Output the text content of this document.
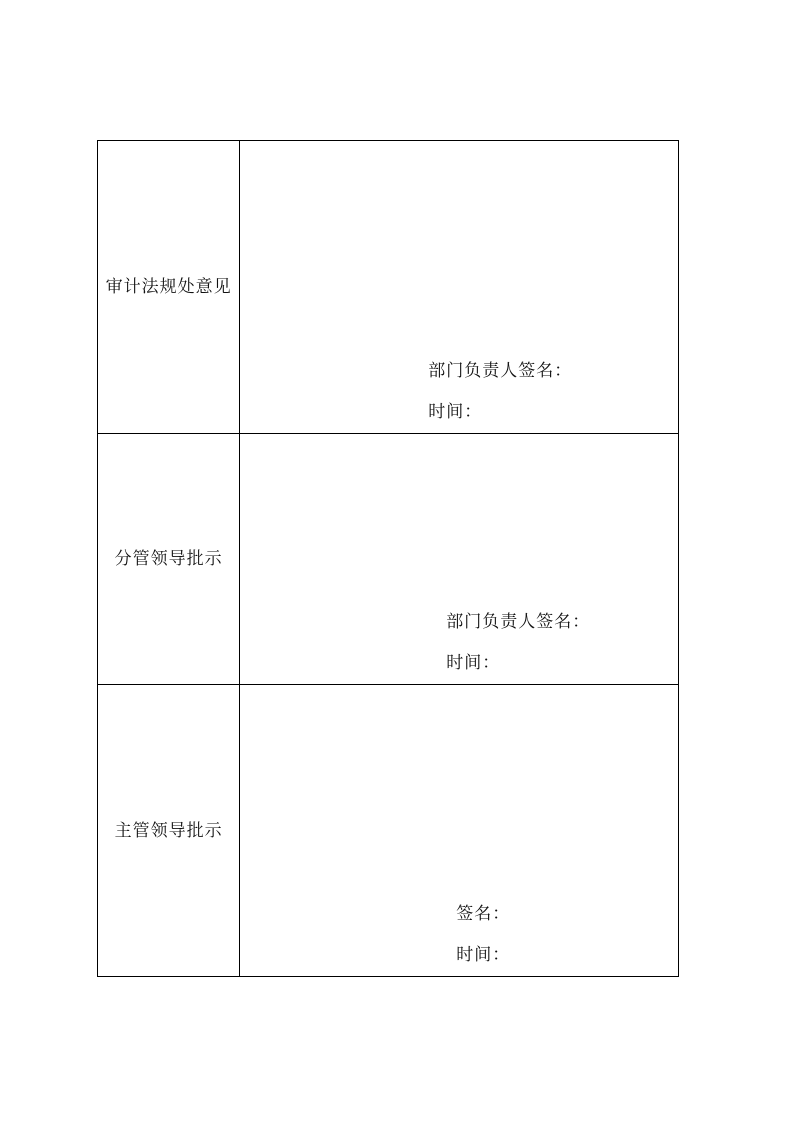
审计法规处意见	部门负责人签名：
时间：

分管领导批示	部门负责人签名：
时间：

主管领导批示	签名：
时间：
